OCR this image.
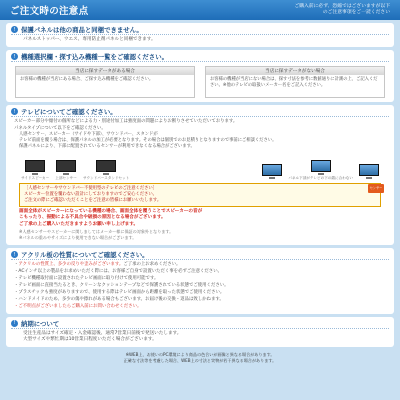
ご注文時の注意点	ご購入前に必ず、恐縮ではございますが以下
のご注意事項をご一読ください
! 保護パネルは他の商品と同梱できません。
パネルストッパー、ウエス、専用防止剤パネルと同梱できます。
! 機種選択欄・探す込み機種一覧をご確認ください。
当店に探すデータがある場合
お客様の機種が当店にある場合、ご探す込み機種をご確認ください。
当店に探すデータがない場合
お客様の機種が当店にない場合は、探す寸法を参考に数値通りに計測の上、ご記入ください。※他のテレビの取扱いメーカー名をご記入ください。
! テレビについてご確認ください。
スピーカー部分や傾付の個所などによる力・別途付加工は強度面の問題によりお断りさせていただいております。
パネルタイプについて以下をご確認ください。
人感センサー、スピーカー（サイドや下部）、サウンドバー、スタンドが
テレビ前面を覆う場合は、保護パネルの加工が必要となります。その場合は個別でのお見積りとなりますので事前にご相談ください。
保護パネルにより、下部に配置されているセンサーが利用できなくなる場合がございます。
サイドスピーカー 上部センサー サウンドバースタンドセット	パネル下部がテレビの下の端に合わない
センサー
［人感センサーやサウンドバー不使用型のテレビのご注意ください］
スピーカー位置を覆わない設計にしておりますのでご安心ください。
ご注文の際にご確認いただくことをご注意の皆様にお願いいたします。
画面全体がスピーカーになっている機種の場合、画面全体を覆うことでスピーカーの音が
こもったり、振動による不具合や破損の原因となる場合がございます。
ご了承の上ご購入いただきますようお願い申し上げます。
※人感センサーやスピーカーに関しましてはメーカー様に保証の対象外となります。
※パネルの重みやサイズにより使用できない場合がございます。
! アクリル板の性質についてご確認ください。
・アクリルの性質上、多少の反りや歪みがございます。ご了承の上お求めください。
・ACインチ以上の製品をお求めいただく際には、お客様ご自身で設置いただく事を必ずご注意ください。
・テレビ機種取付面に設置されたテレビ画面に取り付けて使用可能です。
・テレビ画面に直接当たるとき、クリーンなクッションテープなどで保護されている状態でご使用ください。
・プラスチックも強度がありますので、使用する際はテレビ画面から距離を取った状態でご使用ください。
・ハンドメイドのため、多少の傷や擦れがある場合もございます。お届け後の交換・返品は致しかねます。
・ご不明点がございましたらご購入前にお問い合わせください。
! 納期について
受注生産品はサイズ確定・入金確認後、通常7営業日前後で発送いたします。
大型サイズや繁忙期は10営業日程度いただく場合がございます。
※WEB上、お使いのPC環境により商品の色合いが画像と異なる場合があります。
正確な寸法等を考慮した場合、WEB上の寸法と実物が若干異なる場合があります。
